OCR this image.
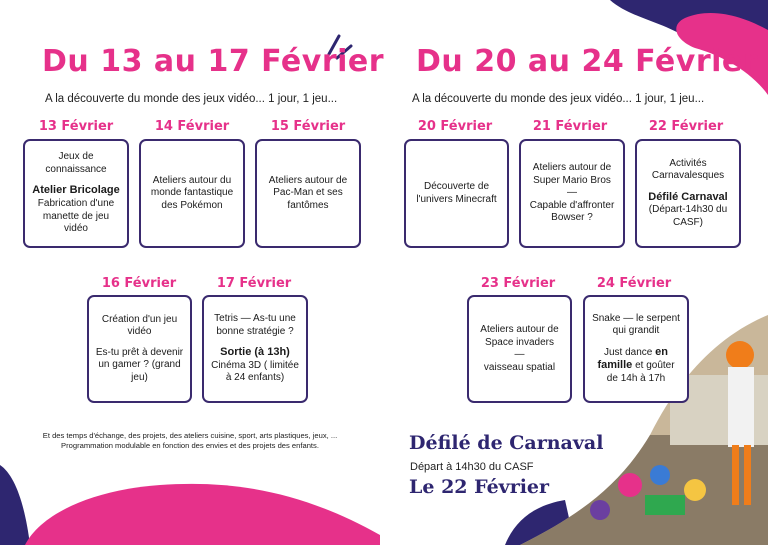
Du 13 au 17 Février
A la découverte du monde des jeux vidéo... 1 jour, 1 jeu...
13 Février
Jeux de connaissance
Atelier Bricolage
Fabrication d'une manette de jeu vidéo
14 Février
Ateliers autour du monde fantastique des Pokémon
15 Février
Ateliers autour de Pac-Man et ses fantômes
16 Février
Création d'un jeu vidéo
Es-tu prêt à devenir un gamer ? (grand jeu)
17 Février
Tetris — As-tu une bonne stratégie ?
Sortie (à 13h)
Cinéma 3D ( limitée à 24 enfants)
Et des temps d'échange, des projets, des ateliers cuisine, sport, arts plastiques, jeux, ...
Programmation modulable en fonction des envies et des projets des enfants.
Du 20 au 24 Février
A la découverte du monde des jeux vidéo... 1 jour, 1 jeu...
20 Février
Découverte de l'univers Minecraft
21 Février
Ateliers autour de Super Mario Bros
—
Capable d'affronter Bowser ?
22 Février
Activités Carnavalesques
Défilé Carnaval
(Départ-14h30 du CASF)
23 Février
Ateliers autour de Space invaders
—
vaisseau spatial
24 Février
Snake — le serpent qui grandit
Just dance en famille et goûter de 14h à 17h
Défilé de Carnaval
Départ à 14h30 du CASF
Le 22 Février
